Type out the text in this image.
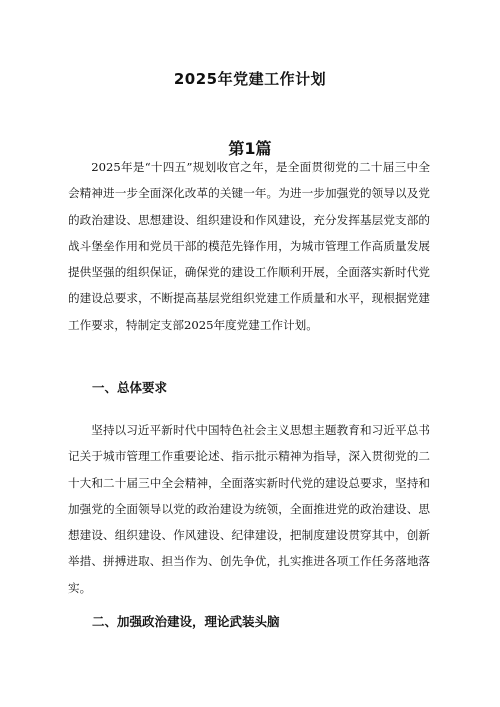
2025年党建工作计划
第1篇

2025年是“十四五”规划收官之年，是全面贯彻党的二十届三中全会精神进一步全面深化改革的关键一年。为进一步加强党的领导以及党的政治建设、思想建设、组织建设和作风建设，充分发挥基层党支部的战斗堡垒作用和党员干部的模范先锋作用，为城市管理工作高质量发展提供坚强的组织保证，确保党的建设工作顺利开展，全面落实新时代党的建设总要求，不断提高基层党组织党建工作质量和水平，现根据党建工作要求，特制定支部2025年度党建工作计划。

一、总体要求

坚持以习近平新时代中国特色社会主义思想主题教育和习近平总书记关于城市管理工作重要论述、指示批示精神为指导，深入贯彻党的二十大和二十届三中全会精神，全面落实新时代党的建设总要求，坚持和加强党的全面领导以党的政治建设为统领，全面推进党的政治建设、思想建设、组织建设、作风建设、纪律建设，把制度建设贯穿其中，创新举措、拼搏进取、担当作为、创先争优，扎实推进各项工作任务落地落实。

二、加强政治建设，理论武装头脑
